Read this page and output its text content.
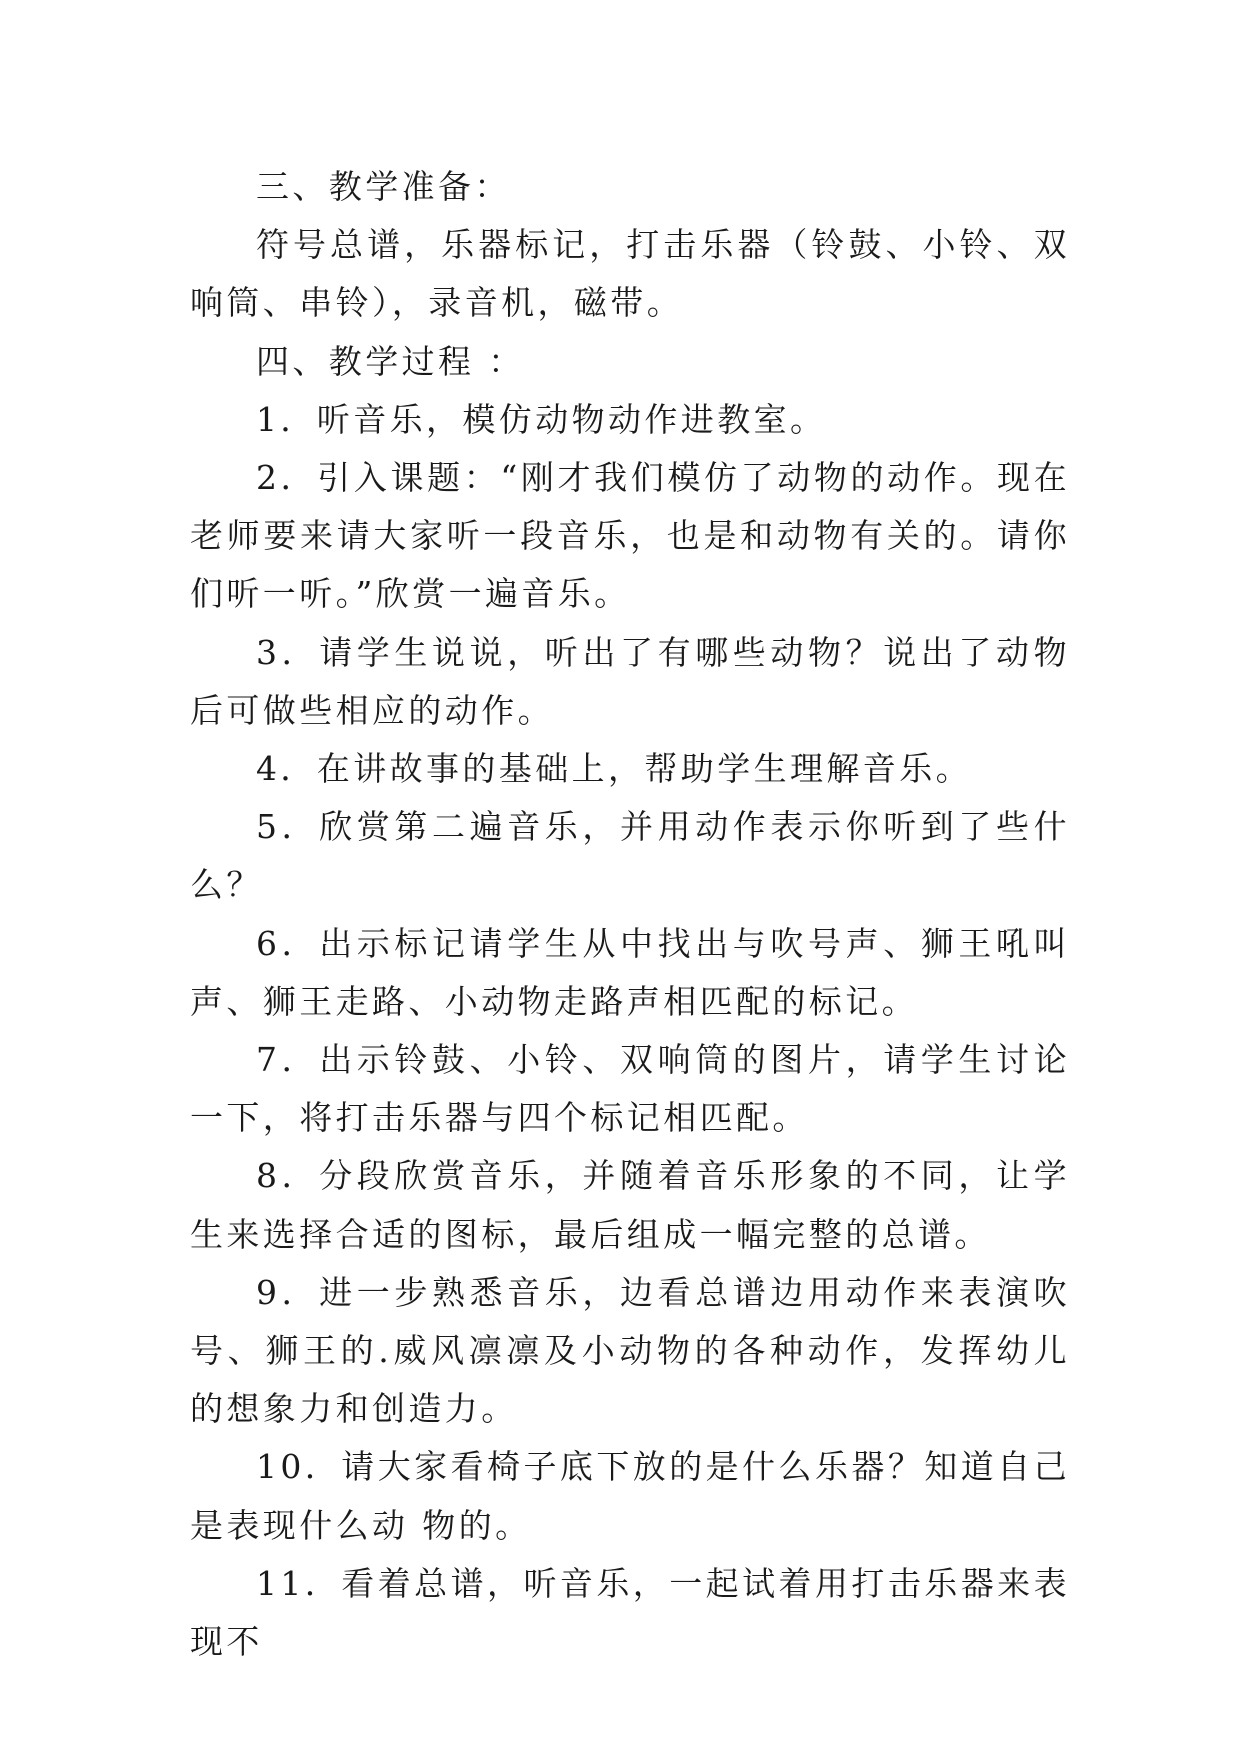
三、教学准备：

符号总谱，乐器标记，打击乐器（铃鼓、小铃、双响筒、串铃），录音机，磁带。

四、教学过程 ：

1．听音乐，模仿动物动作进教室。

2．引入课题：“刚才我们模仿了动物的动作。现在老师要来请大家听一段音乐，也是和动物有关的。请你们听一听。”欣赏一遍音乐。

3．请学生说说，听出了有哪些动物？说出了动物后可做些相应的动作。

4．在讲故事的基础上，帮助学生理解音乐。

5．欣赏第二遍音乐，并用动作表示你听到了些什么？

6．出示标记请学生从中找出与吹号声、狮王吼叫声、狮王走路、小动物走路声相匹配的标记。

7．出示铃鼓、小铃、双响筒的图片，请学生讨论一下，将打击乐器与四个标记相匹配。

8．分段欣赏音乐，并随着音乐形象的不同，让学生来选择合适的图标，最后组成一幅完整的总谱。

9．进一步熟悉音乐，边看总谱边用动作来表演吹号、狮王的.威风凛凛及小动物的各种动作，发挥幼儿的想象力和创造力。

10．请大家看椅子底下放的是什么乐器？知道自己是表现什么动 物的。

11．看着总谱，听音乐，一起试着用打击乐器来表现不
